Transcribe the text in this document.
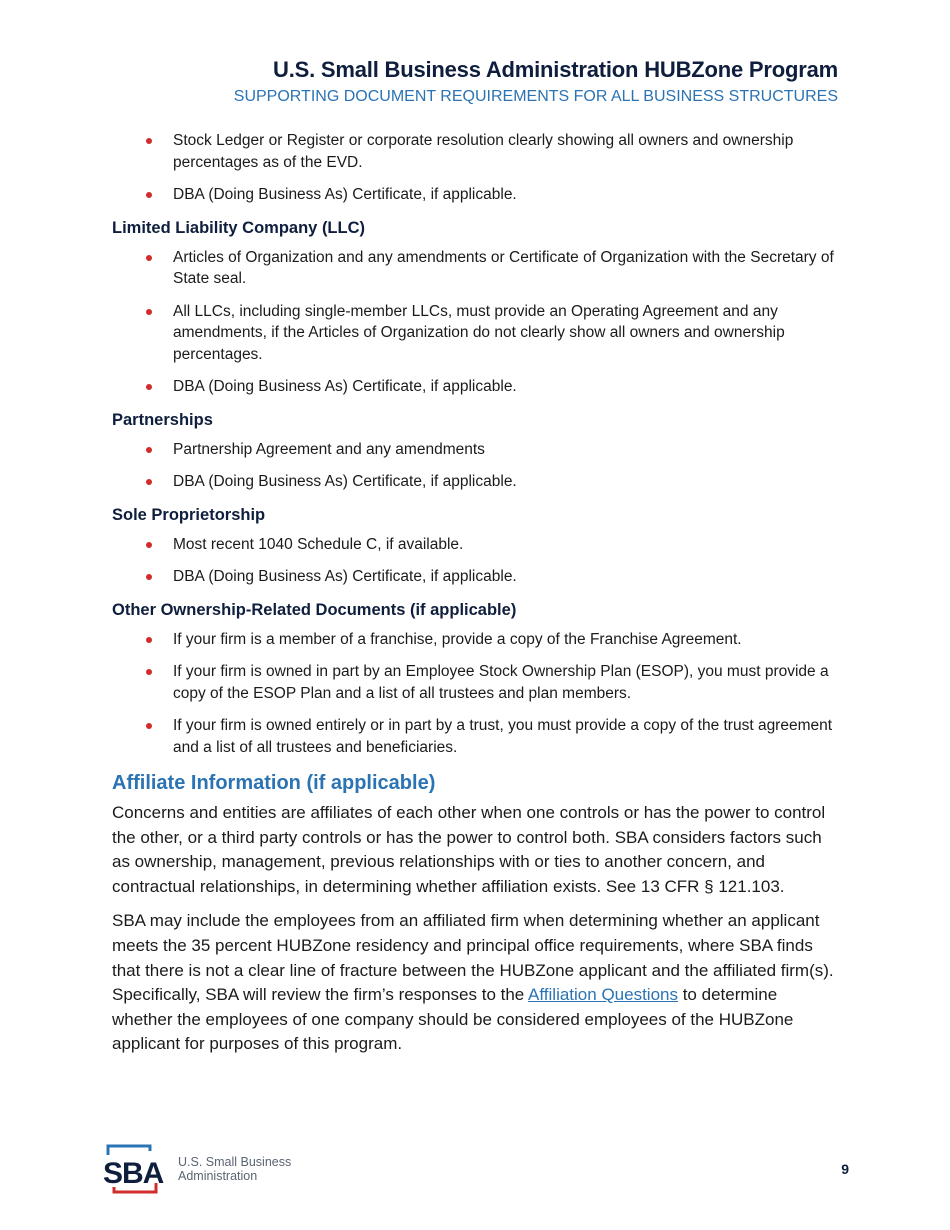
U.S. Small Business Administration HUBZone Program
SUPPORTING DOCUMENT REQUIREMENTS FOR ALL BUSINESS STRUCTURES
Stock Ledger or Register or corporate resolution clearly showing all owners and ownership percentages as of the EVD.
DBA (Doing Business As) Certificate, if applicable.
Limited Liability Company (LLC)
Articles of Organization and any amendments or Certificate of Organization with the Secretary of State seal.
All LLCs, including single-member LLCs, must provide an Operating Agreement and any amendments, if the Articles of Organization do not clearly show all owners and ownership percentages.
DBA (Doing Business As) Certificate, if applicable.
Partnerships
Partnership Agreement and any amendments
DBA (Doing Business As) Certificate, if applicable.
Sole Proprietorship
Most recent 1040 Schedule C, if available.
DBA (Doing Business As) Certificate, if applicable.
Other Ownership-Related Documents (if applicable)
If your firm is a member of a franchise, provide a copy of the Franchise Agreement.
If your firm is owned in part by an Employee Stock Ownership Plan (ESOP), you must provide a copy of the ESOP Plan and a list of all trustees and plan members.
If your firm is owned entirely or in part by a trust, you must provide a copy of the trust agreement and a list of all trustees and beneficiaries.
Affiliate Information (if applicable)

Concerns and entities are affiliates of each other when one controls or has the power to control the other, or a third party controls or has the power to control both. SBA considers factors such as ownership, management, previous relationships with or ties to another concern, and contractual relationships, in determining whether affiliation exists. See 13 CFR § 121.103.

SBA may include the employees from an affiliated firm when determining whether an applicant meets the 35 percent HUBZone residency and principal office requirements, where SBA finds that there is not a clear line of fracture between the HUBZone applicant and the affiliated firm(s). Specifically, SBA will review the firm’s responses to the Affiliation Questions to determine whether the employees of one company should be considered employees of the HUBZone applicant for purposes of this program.

SBA U.S. Small Business
Administration	9
